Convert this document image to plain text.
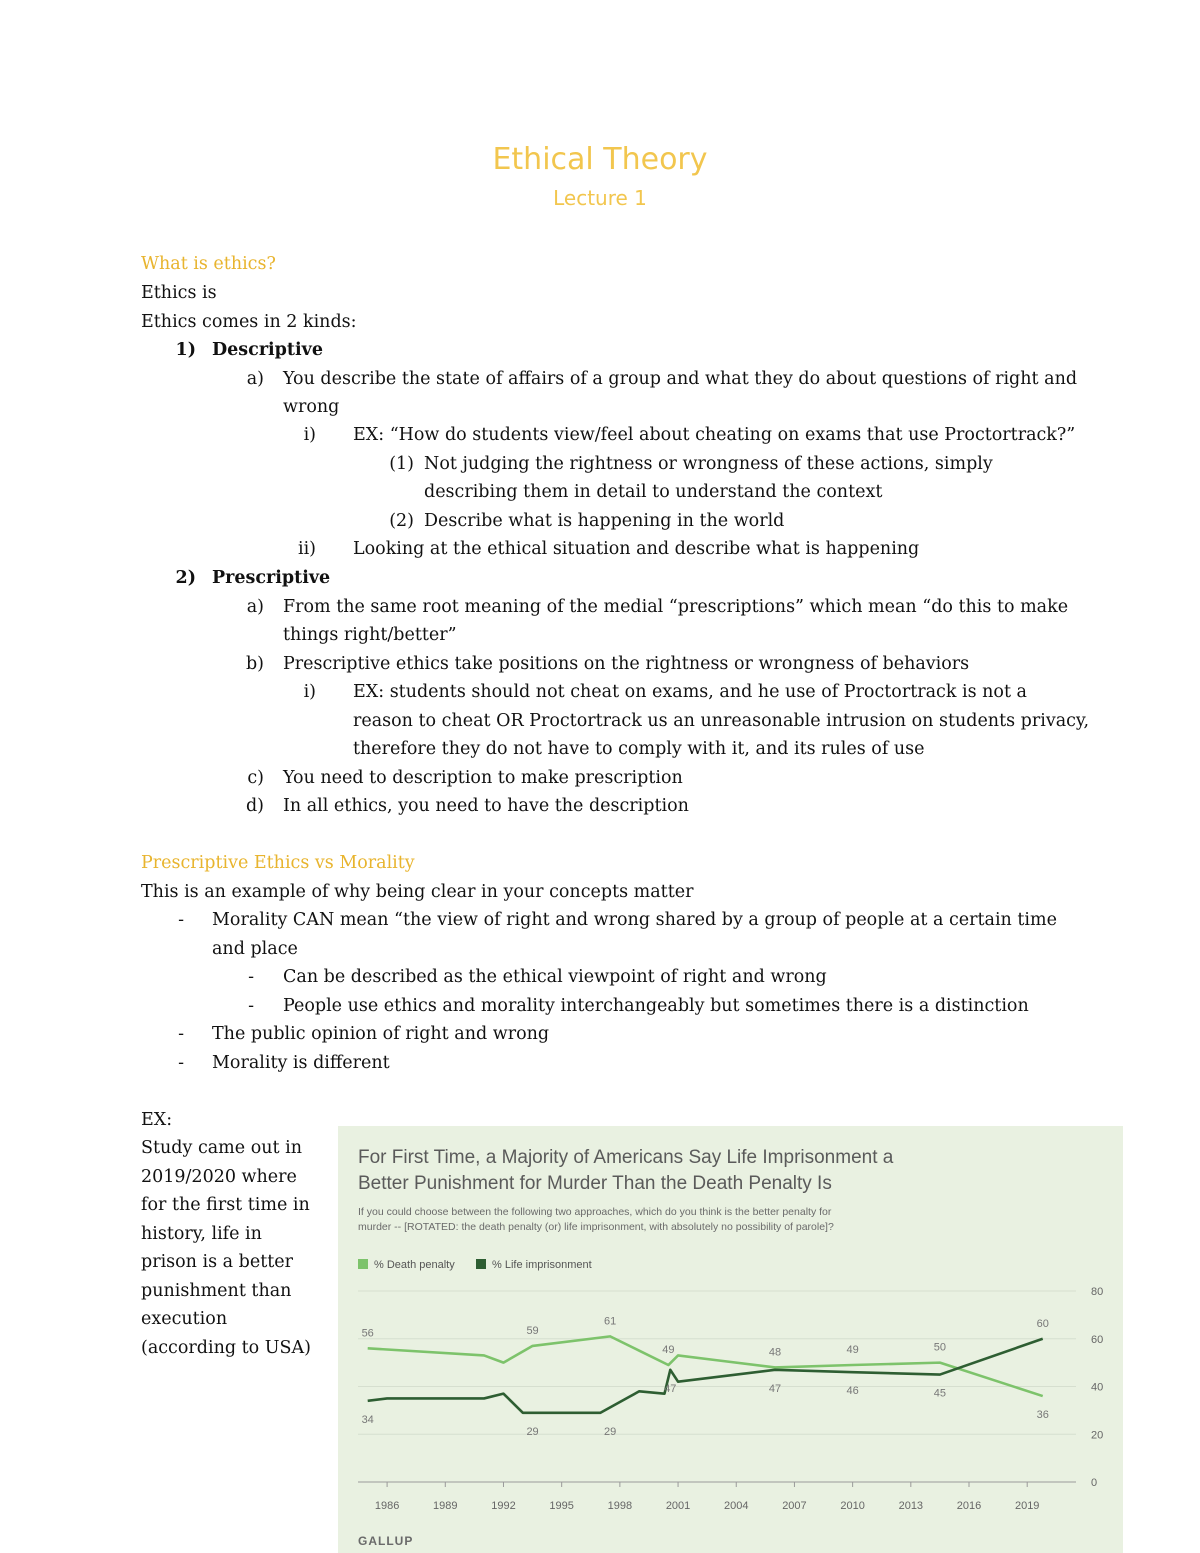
Ethical Theory
Lecture 1
What is ethics?
Ethics is
Ethics comes in 2 kinds:
1) Descriptive
a) You describe the state of affairs of a group and what they do about questions of right and
wrong
i) EX: “How do students view/feel about cheating on exams that use Proctortrack?”
(1) Not judging the rightness or wrongness of these actions, simply
describing them in detail to understand the context
(2) Describe what is happening in the world
ii) Looking at the ethical situation and describe what is happening
2) Prescriptive
a) From the same root meaning of the medial “prescriptions” which mean “do this to make
things right/better”
b) Prescriptive ethics take positions on the rightness or wrongness of behaviors
i) EX: students should not cheat on exams, and he use of Proctortrack is not a
reason to cheat OR Proctortrack us an unreasonable intrusion on students privacy,
therefore they do not have to comply with it, and its rules of use
c) You need to description to make prescription
d) In all ethics, you need to have the description
Prescriptive Ethics vs Morality
This is an example of why being clear in your concepts matter
- Morality CAN mean “the view of right and wrong shared by a group of people at a certain time
and place
- Can be described as the ethical viewpoint of right and wrong
- People use ethics and morality interchangeably but sometimes there is a distinction
- The public opinion of right and wrong
- Morality is different
EX:
Study came out in
2019/2020 where
for the first time in
history, life in
prison is a better
punishment than
execution
(according to USA)
For First Time, a Majority of Americans Say Life Imprisonment a
Better Punishment for Murder Than the Death Penalty Is
If you could choose between the following two approaches, which do you think is the better penalty for
murder -- [ROTATED: the death penalty (or) life imprisonment, with absolutely no possibility of parole]?
% Death penalty	% Life imprisonment
56	59
61
49	48	49	50
36
34
29	29
47	47	46	45
60
0
20
40
60
80
1986	1989	1992	1995	1998	2001	2004	2007	2010	2013	2016	2019
GALLUP
